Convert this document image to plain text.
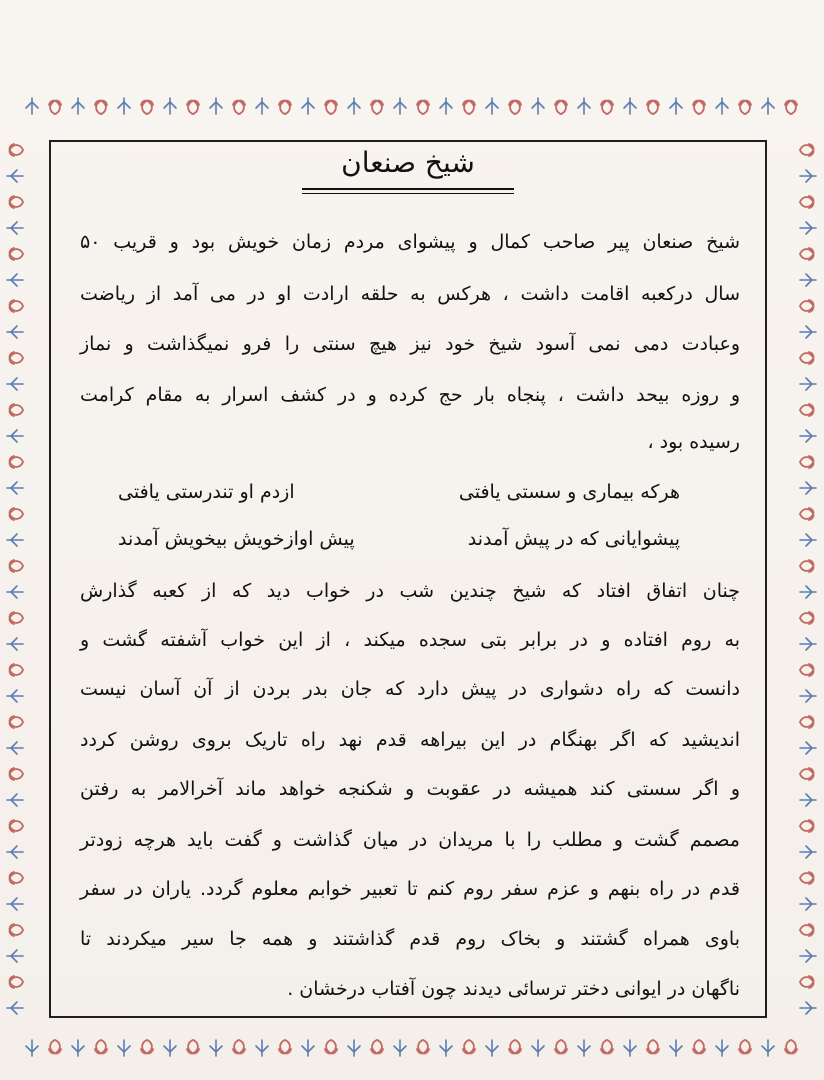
شیخ صنعان
شیخ صنعان پیر صاحب کمال و پیشوای مردم زمان خویش بود و قریب ۵۰
سال درکعبه اقامت داشت ، هرکس به حلقه ارادت او در می آمد از ریاضت
وعبادت دمی نمی آسود شیخ خود نیز هیچ سنتی را فرو نمیگذاشت و نماز
و روزه بیحد داشت ، پنجاه بار حج کرده و در کشف اسرار به مقام کرامت
رسیده بود ،
هرکه بیماری و سستی یافتی
ازدم او تندرستی یافتی
پیشوایانی که در پیش آمدند
پیش اوازخویش بیخویش آمدند
چنان اتفاق افتاد که شیخ چندین شب در خواب دید که از کعبه گذارش
به روم افتاده و در برابر بتی سجده میکند ، از این خواب آشفته گشت و
دانست که راه دشواری در پیش دارد که جان بدر بردن از آن آسان نیست
اندیشید که اگر بهنگام در این بیراهه قدم نهد راه تاریک بروی روشن کردد
و اگر سستی کند همیشه در عقوبت و شکنجه خواهد ماند آخرالامر به رفتن
مصمم گشت و مطلب را با مریدان در میان گذاشت و گفت باید هرچه زودتر
قدم در راه بنهم و عزم سفر روم کنم تا تعبیر خوابم معلوم گردد. یاران در سفر
باوی همراه گشتند و بخاک روم قدم گذاشتند و همه جا سیر میکردند تا
ناگهان در ایوانی دختر ترسائی دیدند چون آفتاب درخشان .
